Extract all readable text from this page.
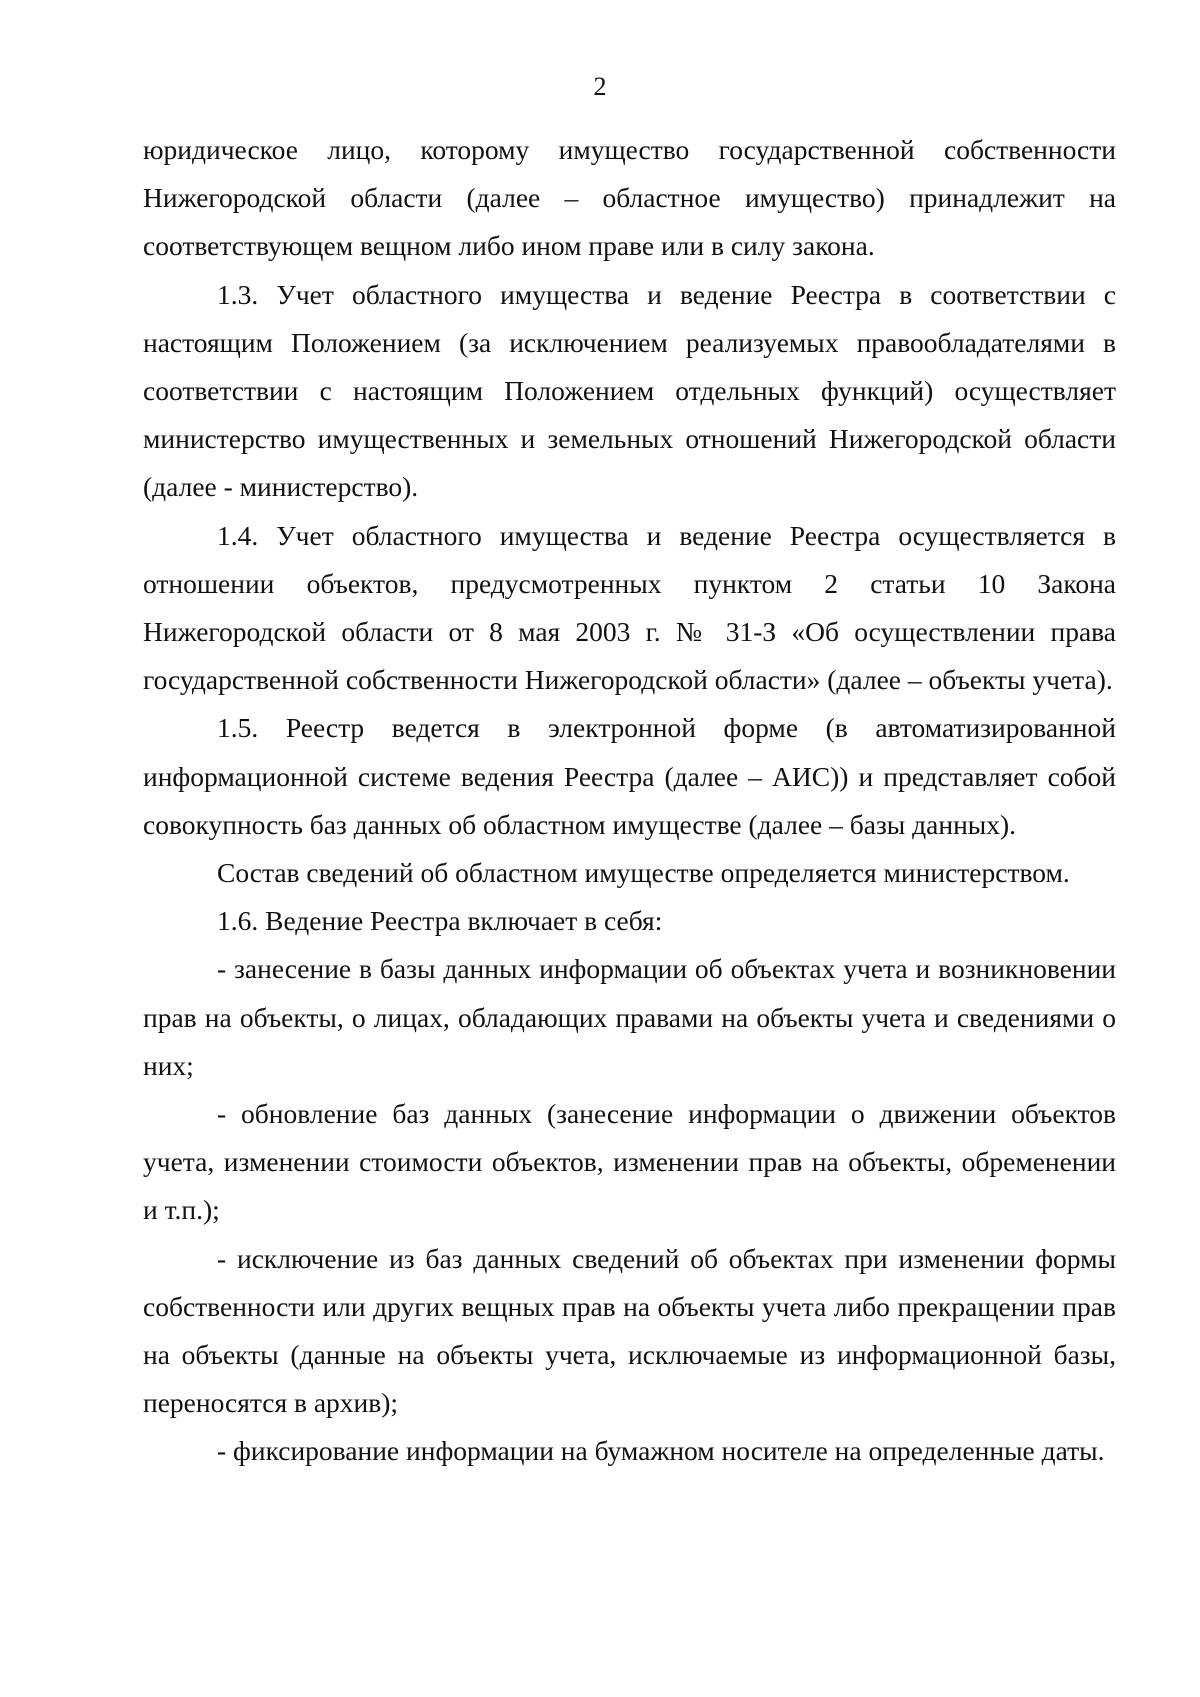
2

юридическое лицо, которому имущество государственной собственности Нижегородской области (далее – областное имущество) принадлежит на соответствующем вещном либо ином праве или в силу закона.

1.3. Учет областного имущества и ведение Реестра в соответствии с настоящим Положением (за исключением реализуемых правообладателями в соответствии с настоящим Положением отдельных функций) осуществляет министерство имущественных и земельных отношений Нижегородской области (далее - министерство).

1.4. Учет областного имущества и ведение Реестра осуществляется в отношении объектов, предусмотренных пунктом 2 статьи 10 Закона Нижегородской области от 8 мая 2003 г. № 31-З «Об осуществлении права государственной собственности Нижегородской области» (далее – объекты учета).

1.5. Реестр ведется в электронной форме (в автоматизированной информационной системе ведения Реестра (далее – АИС)) и представляет собой совокупность баз данных об областном имуществе (далее – базы данных).

Состав сведений об областном имуществе определяется министерством.

1.6. Ведение Реестра включает в себя:

- занесение в базы данных информации об объектах учета и возникновении прав на объекты, о лицах, обладающих правами на объекты учета и сведениями о них;

- обновление баз данных (занесение информации о движении объектов учета, изменении стоимости объектов, изменении прав на объекты, обременении и т.п.);

- исключение из баз данных сведений об объектах при изменении формы собственности или других вещных прав на объекты учета либо прекращении прав на объекты (данные на объекты учета, исключаемые из информационной базы, переносятся в архив);

- фиксирование информации на бумажном носителе на определенные даты.
